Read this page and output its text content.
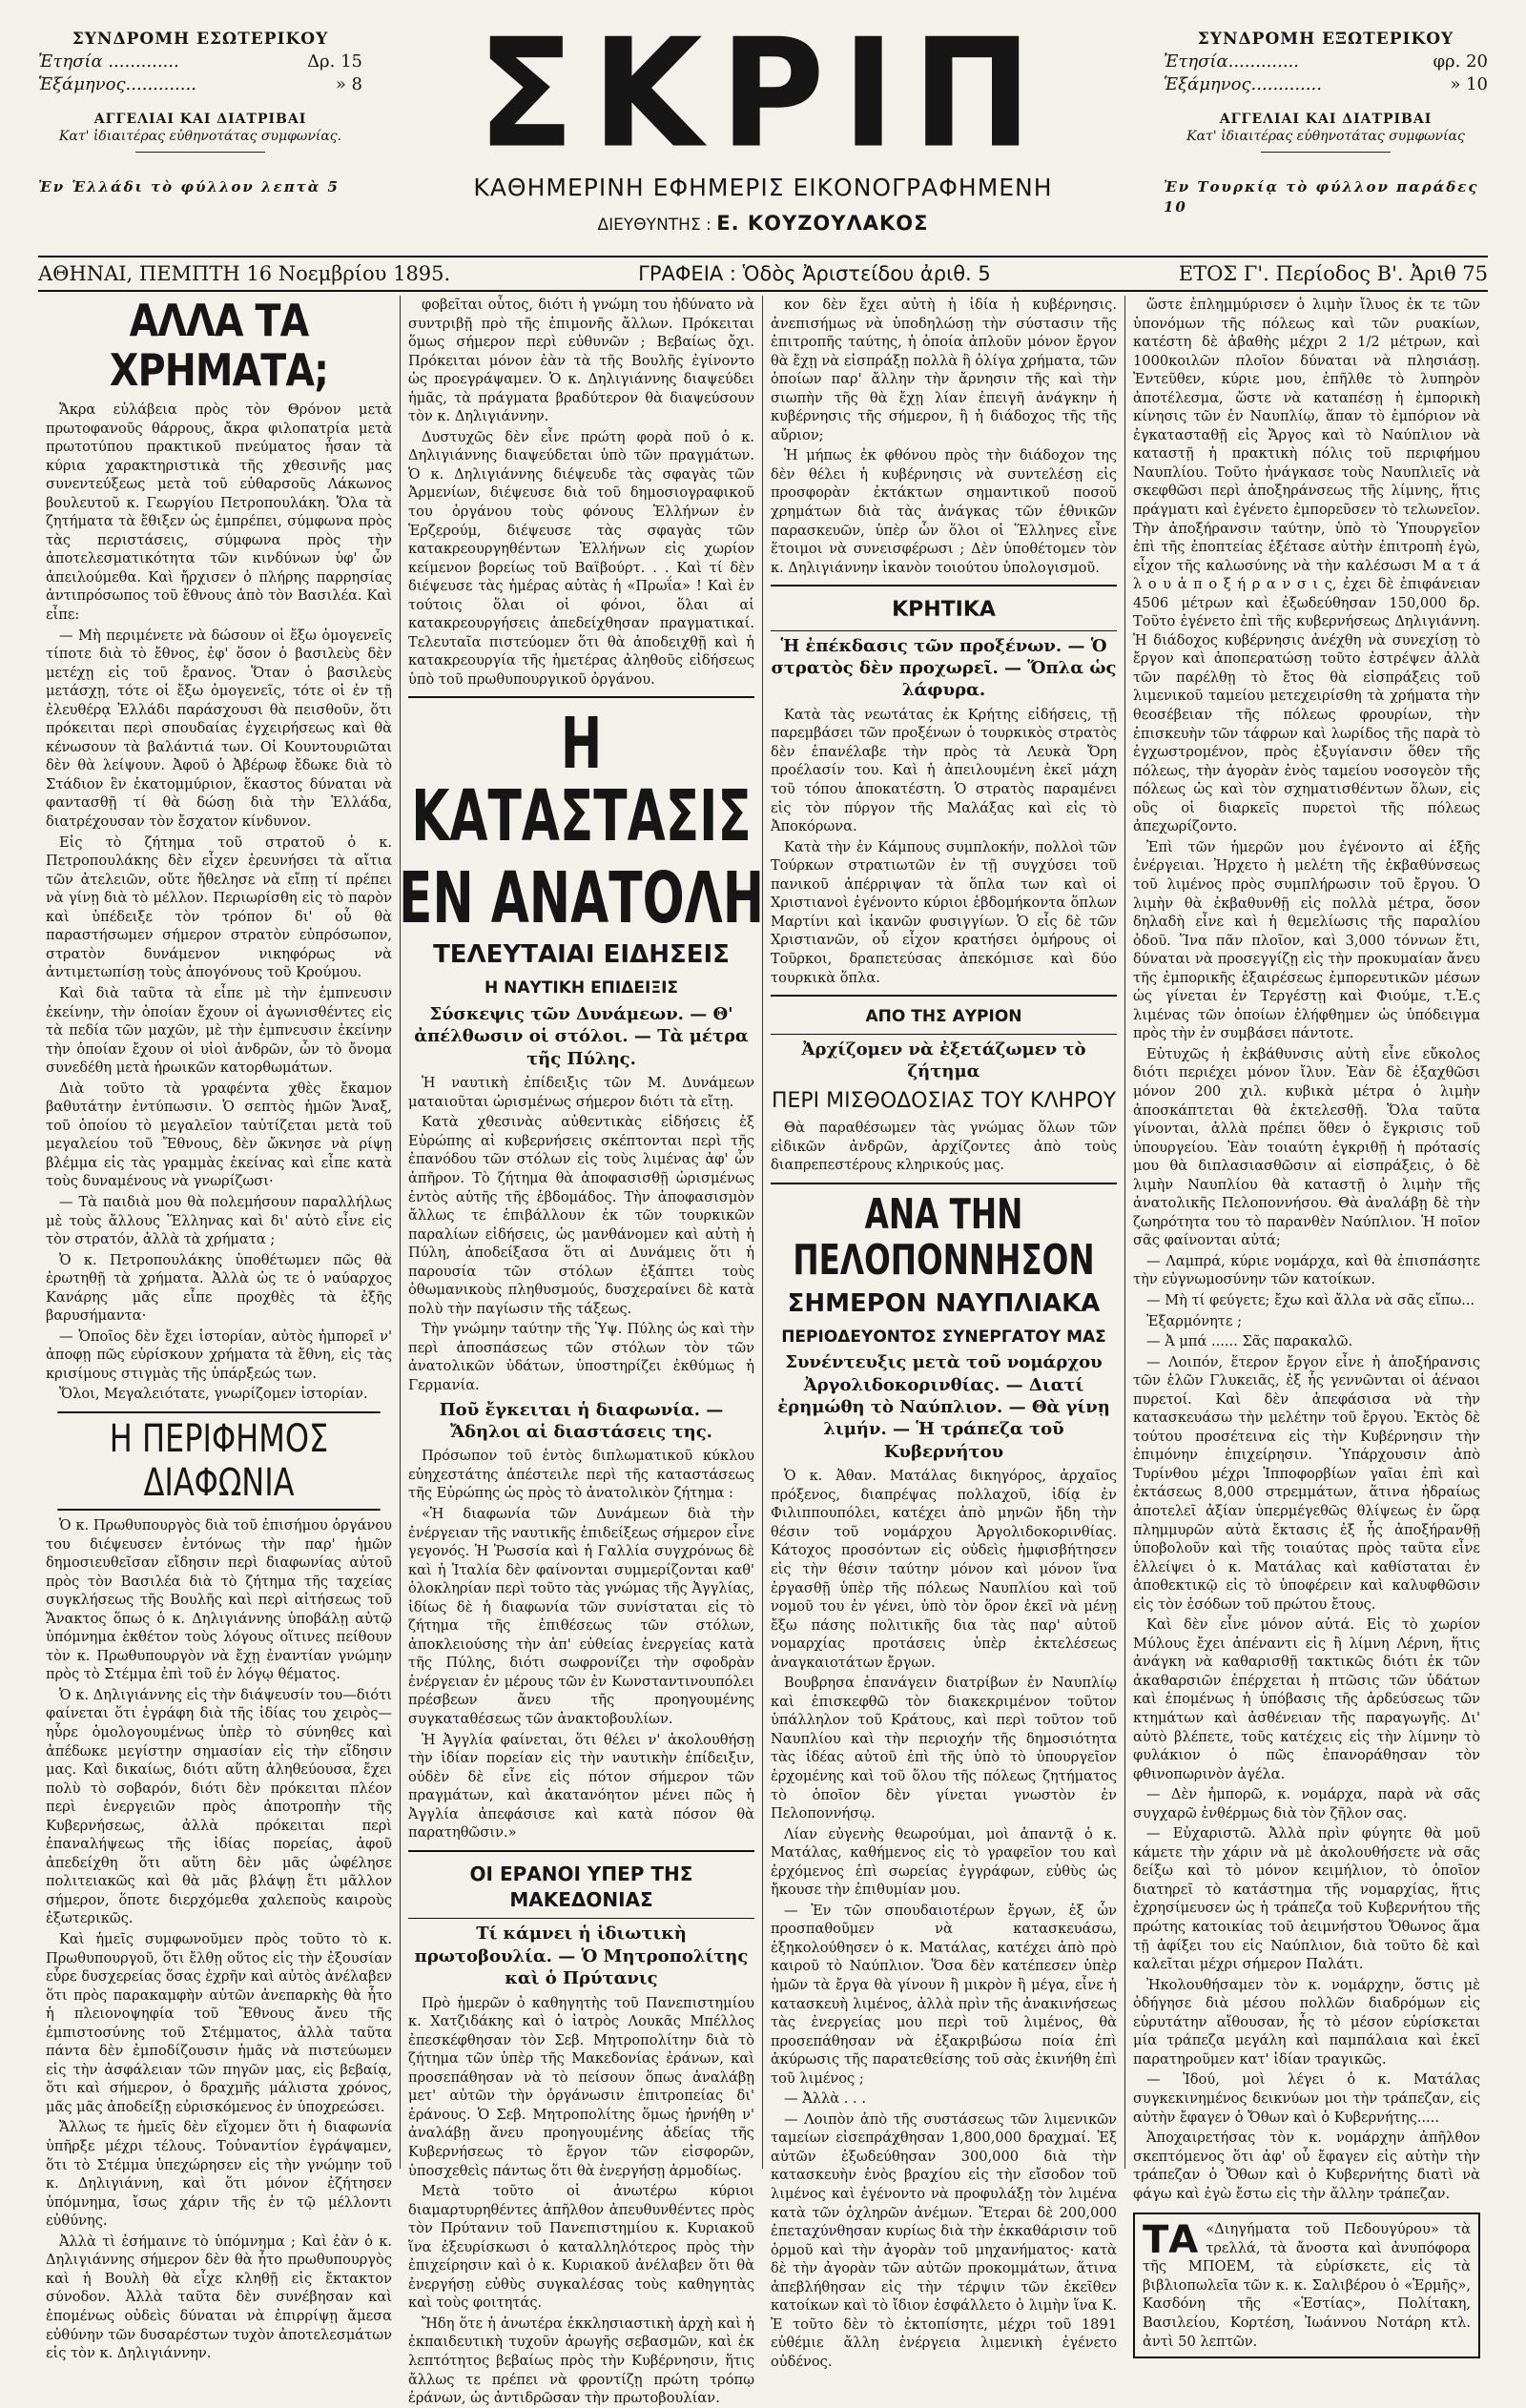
ΣΥΝΔΡΟΜΗ ΕΣΩΤΕΡΙΚΟΥ
Ἐτησία .............	Δρ. 15
Ἑξάμηνος.............	» 8
ΑΓΓΕΛΙΑΙ ΚΑΙ ΔΙΑΤΡΙΒΑΙ
Κατ' ἰδιαιτέρας εὐθηνοτάτας συμφωνίας.
Ἐν Ἑλλάδι τὸ φύλλον λεπτὰ 5
ΣΚΡΙΠ
ΚΑΘΗΜΕΡΙΝΗ ΕΦΗΜΕΡΙΣ ΕΙΚΟΝΟΓΡΑΦΗΜΕΝΗ
ΔΙΕΥΘΥΝΤΗΣ : Ε. ΚΟΥΖΟΥΛΑΚΟΣ
ΣΥΝΔΡΟΜΗ ΕΞΩΤΕΡΙΚΟΥ
Ἐτησία.............	φρ. 20
Ἑξάμηνος.............	» 10
ΑΓΓΕΛΙΑΙ ΚΑΙ ΔΙΑΤΡΙΒΑΙ
Κατ' ἰδιαιτέρας εὐθηνοτάτας συμφωνίας
Ἐν Τουρκίᾳ τὸ φύλλον παράδες 10
ΑΘΗΝΑΙ, ΠΕΜΠΤΗ 16 Νοεμβρίου 1895.	ΓΡΑΦΕΙΑ : Ὁδὸς Ἀριστείδου ἀριθ. 5	ΕΤΟΣ Γ'. Περίοδος Β'. Ἀριθ 75
ΑΛΛΑ ΤΑ ΧΡΗΜΑΤΑ;

Ἄκρα εὐλάβεια πρὸς τὸν Θρόνον μετὰ πρωτοφανοῦς θάρρους, ἄκρα φιλοπατρία μετὰ πρωτοτύπου πρακτικοῦ πνεύματος ἦσαν τὰ κύρια χαρακτηριστικὰ τῆς χθεσινῆς μας συνεντεύξεως μετὰ τοῦ εὐθαρσοῦς Λάκωνος βουλευτοῦ κ. Γεωργίου Πετροπουλάκη. Ὅλα τὰ ζητήματα τὰ ἔθιξεν ὡς ἐμπρέπει, σύμφωνα πρὸς τὰς περιστάσεις, σύμφωνα πρὸς τὴν ἀποτελεσματικότητα τῶν κινδύνων ὑφ' ὧν ἀπειλούμεθα. Καὶ ἤρχισεν ὁ πλήρης παρρησίας ἀντιπρόσωπος τοῦ ἔθνους ἀπὸ τὸν Βασιλέα. Καὶ εἶπε:

— Μὴ περιμένετε νὰ δώσουν οἱ ἔξω ὁμογενεῖς τίποτε διὰ τὸ ἔθνος, ἐφ' ὅσον ὁ βασιλεὺς δὲν μετέχῃ εἰς τοῦ ἔρανος. Ὅταν ὁ βασιλεὺς μετάσχῃ, τότε οἱ ἔξω ὁμογενεῖς, τότε οἱ ἐν τῇ ἐλευθέρᾳ Ἑλλάδι παράσχουσι θὰ πεισθοῦν, ὅτι πρόκειται περὶ σπουδαίας ἐγχειρήσεως καὶ θὰ κένωσουν τὰ βαλάντιά των. Οἱ Κουντουριῶται δὲν θὰ λείψουν. Ἀφοῦ ὁ Ἀβέρωφ ἔδωκε διὰ τὸ Στάδιον ἓν ἑκατομμύριον, ἕκαστος δύναται νὰ φαντασθῇ τί θὰ δώσῃ διὰ τὴν Ἑλλάδα, διατρέχουσαν τὸν ἔσχατον κίνδυνον.

Εἰς τὸ ζήτημα τοῦ στρατοῦ ὁ κ. Πετροπουλάκης δὲν εἶχεν ἐρευνήσει τὰ αἴτια τῶν ἀτελειῶν, οὔτε ἤθελησε νὰ εἴπῃ τί πρέπει νὰ γίνῃ διὰ τὸ μέλλον. Περιωρίσθη εἰς τὸ παρὸν καὶ ὑπέδειξε τὸν τρόπον δι' οὗ θὰ παραστήσωμεν σήμερον στρατὸν εὐπρόσωπον, στρατὸν δυνάμενον νικηφόρως νὰ ἀντιμετωπίσῃ τοὺς ἀπογόνους τοῦ Κρούμου.

Καὶ διὰ ταῦτα τὰ εἶπε μὲ τὴν ἐμπνευσιν ἐκείνην, τὴν ὁποίαν ἔχουν οἱ ἀγωνισθέντες εἰς τὰ πεδία τῶν μαχῶν, μὲ τὴν ἐμπνευσιν ἐκείνην τὴν ὁποίαν ἔχουν οἱ υἱοὶ ἀνδρῶν, ὧν τὸ ὄνομα συνεδέθη μετὰ ἡρωικῶν κατορθωμάτων.

Διὰ τοῦτο τὰ γραφέντα χθὲς ἔκαμον βαθυτάτην ἐντύπωσιν. Ὁ σεπτὸς ἡμῶν Ἄναξ, τοῦ ὁποίου τὸ μεγαλεῖον ταὐτίζεται μετὰ τοῦ μεγαλείου τοῦ Ἔθνους, δὲν ὤκνησε νὰ ρίψῃ βλέμμα εἰς τὰς γραμμὰς ἐκείνας καὶ εἶπε κατὰ τοὺς δυναμένους νὰ γνωρίζωσι·

— Τὰ παιδιὰ μου θὰ πολεμήσουν παραλλήλως μὲ τοὺς ἄλλους Ἕλληνας καὶ δι' αὐτὸ εἶνε εἰς τὸν στρατόν, ἀλλὰ τὰ χρήματα ;

Ὁ κ. Πετροπουλάκης ὑποθέτωμεν πῶς θὰ ἐρωτηθῇ τὰ χρήματα. Ἀλλὰ ὡς τε ὁ ναύαρχος Κανάρης μᾶς εἶπε προχθὲς τὰ ἑξῆς βαρυσήμαντα·

— Ὁποῖος δὲν ἔχει ἱστορίαν, αὐτὸς ἠμπορεῖ ν' ἀποφῃ πῶς εὑρίσκουν χρήματα τὰ ἔθνη, εἰς τὰς κρισίμους στιγμὰς τῆς ὑπάρξεώς των.

Ὅλοι, Μεγαλειότατε, γνωρίζομεν ἱστορίαν.

Η ΠΕΡΙΦΗΜΟΣ ΔΙΑΦΩΝΙΑ

Ὁ κ. Πρωθυπουργὸς διὰ τοῦ ἐπισήμου ὀργάνου του διέψευσεν ἐντόνως τὴν παρ' ἡμῶν δημοσιευθεῖσαν εἴδησιν περὶ διαφωνίας αὐτοῦ πρὸς τὸν Βασιλέα διὰ τὸ ζήτημα τῆς ταχείας συγκλήσεως τῆς Βουλῆς καὶ περὶ αἰτήσεως τοῦ Ἄνακτος ὅπως ὁ κ. Δηλιγιάννης ὑποβάλῃ αὐτῷ ὑπόμνημα ἐκθέτον τοὺς λόγους οἵτινες πείθουν τὸν κ. Πρωθυπουργὸν νὰ ἔχῃ ἐναντίαν γνώμην πρὸς τὸ Στέμμα ἐπὶ τοῦ ἐν λόγῳ θέματος.

Ὁ κ. Δηλιγιάννης εἰς τὴν διάψευσίν του—διότι φαίνεται ὅτι ἐγράφη διὰ τῆς ἰδίας του χειρὸς—ηὗρε ὁμολογουμένως ὑπὲρ τὸ σύνηθες καὶ ἀπέδωκε μεγίστην σημασίαν εἰς τὴν εἴδησιν μας. Καὶ δικαίως, διότι αὕτη ἀληθεύουσα, ἔχει πολὺ τὸ σοβαρόν, διότι δὲν πρόκειται πλέον περὶ ἐνεργειῶν πρὸς ἀποτροπὴν τῆς Κυβερνήσεως, ἀλλὰ πρόκειται περὶ ἐπαναλήψεως τῆς ἰδίας πορείας, ἀφοῦ ἀπεδείχθη ὅτι αὕτη δὲν μᾶς ὠφέλησε πολιτειακῶς καὶ θὰ μᾶς βλάψῃ ἔτι μᾶλλον σήμερον, ὅποτε διερχόμεθα χαλεποὺς καιροὺς ἐξωτερικῶς.

Καὶ ἡμεῖς συμφωνοῦμεν πρὸς τοῦτο τὸ κ. Πρωθυπουργοῦ, ὅτι ἔλθῃ οὕτος εἰς τὴν ἐξουσίαν εὗρε δυσχερείας ὅσας ἐχρῆν καὶ αὐτὸς ἀνέλαβεν ὅτι πρὸς παρακαμφὴν αὐτῶν ἀνεπαρκὴς θὰ ἦτο ἡ πλειονοψηφία τοῦ Ἔθνους ἄνευ τῆς ἐμπιστοσύνης τοῦ Στέμματος, ἀλλὰ ταῦτα πάντα δὲν ἐμποδίζουσιν ἡμᾶς νὰ πιστεύωμεν εἰς τὴν ἀσφάλειαν τῶν πηγῶν μας, εἰς βεβαίᾳ, ὅτι καὶ σήμερον, ὁ δραχμῆς μάλιστα χρόνος, μᾶς μᾶς ἀποδείξῃ εὐρισκόμενος ἐν ὑποχρεώσει.

Ἄλλως τε ἡμεῖς δὲν εἴχομεν ὅτι ἡ διαφωνία ὑπῆρξε μέχρι τέλους. Τοὐναντίον ἐγράψαμεν, ὅτι τὸ Στέμμα ὑπεχώρησεν εἰς τὴν γνώμην τοῦ κ. Δηλιγιάννη, καὶ ὅτι μόνον ἐζήτησεν ὑπόμνημα, ἴσως χάριν τῆς ἐν τῷ μέλλοντι εὐθύνης.

Ἀλλὰ τὶ ἐσήμαινε τὸ ὑπόμνημα ; Καὶ ἐὰν ὁ κ. Δηλιγιάννης σήμερον δὲν θὰ ἦτο πρωθυπουργὸς καὶ ἡ Βουλὴ θὰ εἶχε κληθῇ εἰς ἔκτακτον σύνοδον. Ἀλλὰ ταῦτα δὲν συνέβησαν καὶ ἐπομένως οὐδεὶς δύναται νὰ ἐπιρρίψῃ ἄμεσα εὐθύνην τῶν δυσαρέστων τυχὸν ἀποτελεσμάτων εἰς τὸν κ. Δηλιγιάννην.

φοβεῖται οὗτος, διότι ἡ γνώμη του ἠδύνατο νὰ συντριβῇ πρὸ τῆς ἐπιμονῆς ἄλλων. Πρόκειται ὅμως σήμερον περὶ εὐθυνῶν ; Βεβαίως ὄχι. Πρόκειται μόνον ἐὰν τὰ τῆς Βουλῆς ἐγίνοντο ὡς προεγράψαμεν. Ὁ κ. Δηλιγιάννης διαψεύδει ἡμᾶς, τὰ πράγματα βραδύτερον θὰ διαψεύσουν τὸν κ. Δηλιγιάννην.

Δυστυχῶς δὲν εἶνε πρώτη φορὰ ποῦ ὁ κ. Δηλιγιάννης διαψεύδεται ὑπὸ τῶν πραγμάτων. Ὁ κ. Δηλιγιάννης διέψευδε τὰς σφαγὰς τῶν Ἀρμενίων, διέψευσε διὰ τοῦ δημοσιογραφικοῦ του ὀργάνου τοὺς φόνους Ἑλλήνων ἐν Ἑρζερούμ, διέψευσε τὰς σφαγὰς τῶν κατακρεουργηθέντων Ἑλλήνων εἰς χωρίον κείμενον βορείως τοῦ Βαϊβούρτ. . . Καὶ τί δὲν διέψευσε τὰς ἡμέρας αὐτὰς ἡ «Πρωΐα» ! Καὶ ἐν τούτοις ὅλαι οἱ φόνοι, ὅλαι αἱ κατακρεουργήσεις ἀπεδείχθησαν πραγματικαί. Τελευταῖα πιστεύομεν ὅτι θὰ ἀποδειχθῇ καὶ ἡ κατακρεουργία τῆς ἡμετέρας ἀληθοῦς εἰδήσεως ὑπὸ τοῦ πρωθυπουργικοῦ ὀργάνου.

Η ΚΑΤΑΣΤΑΣΙΣ
ΕΝ ΑΝΑΤΟΛΗ
ΤΕΛΕΥΤΑΙΑΙ ΕΙΔΗΣΕΙΣ
Η ΝΑΥΤΙΚΗ ΕΠΙΔΕΙΞΙΣ
Σύσκεψις τῶν Δυνάμεων. — Θ' ἀπέλθωσιν οἱ στόλοι. — Τὰ μέτρα τῆς Πύλης.

Ἡ ναυτικὴ ἐπίδειξις τῶν Μ. Δυνάμεων ματαιοῦται ὡρισμένως σήμερον διότι τὰ εἴτῃ.

Κατὰ χθεσινὰς αὐθεντικὰς εἰδήσεις ἐξ Εὐρώπης αἱ κυβερνήσεις σκέπτονται περὶ τῆς ἐπανόδου τῶν στόλων εἰς τοὺς λιμένας ἀφ' ὧν ἀπῆρον. Τὸ ζήτημα θὰ ἀποφασισθῇ ὡρισμένως ἐντὸς αὐτῆς τῆς ἑβδομάδος. Τὴν ἀποφασισμὸν ἄλλως τε ἐπιβάλλουν ἐκ τῶν τουρκικῶν παραλίων εἰδήσεις, ὡς μανθάνομεν καὶ αὐτὴ ἡ Πύλη, ἀποδείξασα ὅτι αἱ Δυνάμεις ὅτι ἡ παρουσία τῶν στόλων ἐξάπτει τοὺς ὀθωμανικοὺς πληθυσμούς, δυσχεραίνει δὲ κατὰ πολὺ τὴν παγίωσιν τῆς τάξεως.

Τὴν γνώμην ταύτην τῆς Ὑψ. Πύλης ὡς καὶ τὴν περὶ ἀποσπάσεως τῶν στόλων τὸν τῶν ἀνατολικῶν ὑδάτων, ὑποστηρίζει ἐκθύμως ἡ Γερμανία.

Ποῦ ἔγκειται ἡ διαφωνία. — Ἄδηλοι αἱ διαστάσεις της.

Πρόσωπον τοῦ ἐντὸς διπλωματικοῦ κύκλου εὐηχεστάτης ἀπέστειλε περὶ τῆς καταστάσεως τῆς Εὐρώπης ὡς πρὸς τὸ ἀνατολικὸν ζήτημα :

«Ἡ διαφωνία τῶν Δυνάμεων διὰ τὴν ἐνέργειαν τῆς ναυτικῆς ἐπιδείξεως σήμερον εἶνε γεγονός. Ἡ Ῥωσσία καὶ ἡ Γαλλία συγχρόνως δὲ καὶ ἡ Ἰταλία δὲν φαίνονται συμμερίζονται καθ' ὁλοκληρίαν περὶ τοῦτο τὰς γνώμας τῆς Ἀγγλίας, ἰδίως δὲ ἡ διαφωνία τῶν συνίσταται εἰς τὸ ζήτημα τῆς ἐπιθέσεως τῶν στόλων, ἀποκλειούσης τὴν ἀπ' εὐθείας ἐνεργείας κατὰ τῆς Πύλης, διότι σωφρονίζει τὴν σφοδρὰν ἐνέργειαν ἐν μέρους τῶν ἐν Κωνσταντινουπόλει πρέσβεων ἄνευ τῆς προηγουμένης συγκαταθέσεως τῶν ἀνακτοβουλίων.

Ἡ Ἀγγλία φαίνεται, ὅτι θέλει ν' ἀκολουθήσῃ τὴν ἰδίαν πορείαν εἰς τὴν ναυτικὴν ἐπίδειξιν, οὐδὲν δὲ εἶνε εἰς πότον σήμερον τῶν πραγμάτων, καὶ ἀκατανόητον μένει πῶς ἡ Ἀγγλία ἀπεφάσισε καὶ κατὰ πόσον θὰ παρατηθῶσιν.»

ΟΙ ΕΡΑΝΟΙ ΥΠΕΡ ΤΗΣ ΜΑΚΕΔΟΝΙΑΣ
Τί κάμνει ἡ ἰδιωτικὴ πρωτοβουλία. — Ὁ Μητροπολίτης καὶ ὁ Πρύτανις

Πρὸ ἡμερῶν ὁ καθηγητὴς τοῦ Πανεπιστημίου κ. Χατζιδάκης καὶ ὁ ἰατρὸς Λουκᾶς Μπέλλος ἐπεσκέφθησαν τὸν Σεβ. Μητροπολίτην διὰ τὸ ζήτημα τῶν ὑπὲρ τῆς Μακεδονίας ἐράνων, καὶ προσεπάθησαν νὰ τὸ πείσουν ὅπως ἀναλάβῃ μετ' αὐτῶν τὴν ὀργάνωσιν ἐπιτροπείας δι' ἐράνους. Ὁ Σεβ. Μητροπολίτης ὅμως ἠρνήθη ν' ἀναλάβῃ ἄνευ προηγουμένης ἀδείας τῆς Κυβερνήσεως τὸ ἔργον τῶν εἰσφορῶν, ὑποσχεθεὶς πάντως ὅτι θὰ ἐνεργήσῃ ἀρμοδίως.

Μετὰ τοῦτο οἱ ἀνωτέρω κύριοι διαμαρτυρηθέντες ἀπῆλθον ἀπευθυνθέντες πρὸς τὸν Πρύτανιν τοῦ Πανεπιστημίου κ. Κυριακοῦ ἵνα ἐξευρίσκωσι ὁ καταλληλότερος πρὸς τὴν ἐπιχείρησιν καὶ ὁ κ. Κυριακοῦ ἀνέλαβεν ὅτι θὰ ἐνεργήσῃ εὐθὺς συγκαλέσας τοὺς καθηγητὰς καὶ τοὺς φοιτητάς.

Ἤδη ὅτε ἡ ἀνωτέρα ἐκκλησιαστικὴ ἀρχὴ καὶ ἡ ἐκπαιδευτικὴ τυχοῦν ἀρωγῆς σεβασμῶν, καὶ ἐκ λεπτότητος βεβαίως πρὸς τὴν Κυβέρνησιν, ἥτις ἄλλως τε πρέπει νὰ φροντίζῃ πρώτη τρόπῳ ἐράνων, ὡς ἀντιδρῶσαν τὴν πρωτοβουλίαν.

κον δὲν ἔχει αὐτὴ ἡ ἰδία ἡ κυβέρνησις. ἀνεπισήμως νὰ ὑποδηλώσῃ τὴν σύστασιν τῆς ἐπιτροπῆς ταύτης, ἡ ὁποία ἀπλοῦν μόνον ἔργον θὰ ἔχῃ νὰ εἰσπράξῃ πολλὰ ἢ ὀλίγα χρήματα, τῶν ὁποίων παρ' ἄλλην τὴν ἄρνησιν τῆς καὶ τὴν σιωπὴν τῆς θὰ ἔχῃ λίαν ἐπειγῆ ἀνάγκην ἡ κυβέρνησις τῆς σήμερον, ἢ ἡ διάδοχος τῆς τῆς αὔριον;

Ἡ μήπως ἐκ φθόνου πρὸς τὴν διάδοχον της δὲν θέλει ἡ κυβέρνησις νὰ συντελέσῃ εἰς προσφορὰν ἐκτάκτων σημαντικοῦ ποσοῦ χρημάτων διὰ τὰς ἀνάγκας τῶν ἐθνικῶν παρασκευῶν, ὑπὲρ ὧν ὅλοι οἱ Ἕλληνες εἶνε ἕτοιμοι νὰ συνεισφέρωσι ; Δὲν ὑποθέτομεν τὸν κ. Δηλιγιάννην ἱκανὸν τοιούτου ὑπολογισμοῦ.

ΚΡΗΤΙΚΑ
Ἡ ἐπέκδασις τῶν προξένων. — Ὁ στρατὸς δὲν προχωρεῖ. — Ὅπλα ὡς λάφυρα.

Κατὰ τὰς νεωτάτας ἐκ Κρήτης εἰδήσεις, τῇ παρεμβάσει τῶν προξένων ὁ τουρκικὸς στρατὸς δὲν ἐπανέλαβε τὴν πρὸς τὰ Λευκὰ Ὄρη προέλασίν του. Καὶ ἡ ἀπειλουμένη ἐκεῖ μάχη τοῦ τόπου ἀποκατέστη. Ὁ στρατὸς παραμένει εἰς τὸν πύργον τῆς Μαλάξας καὶ εἰς τὸ Ἀποκόρωνα.

Κατὰ τὴν ἐν Κάμπους συμπλοκήν, πολλοὶ τῶν Τούρκων στρατιωτῶν ἐν τῇ συγχύσει τοῦ πανικοῦ ἀπέρριψαν τὰ ὅπλα των καὶ οἱ Χριστιανοὶ ἐγένοντο κύριοι ἑβδομήκοντα ὅπλων Μαρτίνι καὶ ἱκανῶν φυσιγγίων. Ὁ εἷς δὲ τῶν Χριστιανῶν, οὗ εἶχον κρατήσει ὁμήρους οἱ Τοῦρκοι, δραπετεύσας ἀπεκόμισε καὶ δύο τουρκικὰ ὅπλα.

ΑΠΟ ΤΗΣ ΑΥΡΙΟΝ
Ἀρχίζομεν νὰ ἐξετάζωμεν τὸ ζήτημα
ΠΕΡΙ ΜΙΣΘΟΔΟΣΙΑΣ ΤΟΥ ΚΛΗΡΟΥ

Θὰ παραθέσωμεν τὰς γνώμας ὅλων τῶν εἰδικῶν ἀνδρῶν, ἀρχίζοντες ἀπὸ τοὺς διαπρεπεστέρους κληρικούς μας.

ΑΝΑ ΤΗΝ ΠΕΛΟΠΟΝΝΗΣΟΝ
ΣΗΜΕΡΟΝ ΝΑΥΠΛΙΑΚΑ
ΠΕΡΙΟΔΕΥΟΝΤΟΣ ΣΥΝΕΡΓΑΤΟΥ ΜΑΣ
Συνέντευξις μετὰ τοῦ νομάρχου Ἀργολιδοκορινθίας. — Διατί ἐρημώθη τὸ Ναύπλιον. — Θὰ γίνῃ λιμήν. — Ἡ τράπεζα τοῦ Κυβερνήτου

Ὁ κ. Ἀθαν. Ματάλας δικηγόρος, ἀρχαῖος πρόξενος, διαπρέψας πολλαχοῦ, ἰδίᾳ ἐν Φιλιππουπόλει, κατέχει ἀπὸ μηνῶν ἤδη τὴν θέσιν τοῦ νομάρχου Ἀργολιδοκορινθίας. Κάτοχος προσόντων εἰς οὐδεὶς ἠμφισβήτησεν εἰς τὴν θέσιν ταύτην μόνον καὶ μόνον ἵνα ἐργασθῇ ὑπὲρ τῆς πόλεως Ναυπλίου καὶ τοῦ νομοῦ του ἐν γένει, ὑπὸ τὸν ὅρον ἐκεῖ νὰ μένῃ ἔξω πάσης πολιτικῆς δια τὰς παρ' αὐτοῦ νομαρχίας προτάσεις ὑπὲρ ἐκτελέσεως ἀναγκαιοτάτων ἔργων.

Βουβρησα ἐπανάγειν διατρίβων ἐν Ναυπλίῳ καὶ ἐπισκεφθῶ τὸν διακεκριμένον τοῦτον ὑπάλληλον τοῦ Κράτους, καὶ περὶ τοῦτον τοῦ Ναυπλίου καὶ τὴν περιοχήν τῆς δημοσιότητα τὰς ἰδέας αὐτοῦ ἐπὶ τῆς ὑπὸ τὸ ὑπουργεῖον ἐρχομένης καὶ τοῦ ὅλου τῆς πόλεως ζητήματος τὸ ὁποῖον δὲν γίνεται γνωστὸν ἐν Πελοποννήσῳ.

Λίαν εὐγενὴς θεωρούμαι, μοὶ ἀπαντᾷ ὁ κ. Ματάλας, καθήμενος εἰς τὸ γραφεῖον του καὶ ἐρχόμενος ἐπὶ σωρείας ἐγγράφων, εὐθὺς ὡς ἤκουσε τὴν ἐπιθυμίαν μου.

— Ἐν τῶν σπουδαιοτέρων ἔργων, ἐξ ὧν προσπαθοῦμεν νὰ κατασκευάσω, ἐξηκολούθησεν ὁ κ. Ματάλας, κατέχει ἀπὸ πρὸ καιροῦ τὸ Ναύπλιον. Ὅσα δὲν κατέπεσεν ὑπὲρ ἡμῶν τὰ ἔργα θὰ γίνουν ἢ μικρὸν ἢ μέγα, εἶνε ἡ κατασκευὴ λιμένος, ἀλλὰ πρὶν τῆς ἀνακινήσεως τὰς ἐνεργείας μου περὶ τοῦ λιμένος, θὰ προσεπάθησαν νὰ ἐξακριβώσω ποία ἐπὶ ἀκύρωσις τῆς παρατεθείσης τοῦ σὰς ἐκινήθη ἐπὶ τοῦ λιμένος ;

— Ἀλλὰ . . .

— Λοιπὸν ἀπὸ τῆς συστάσεως τῶν λιμενικῶν ταμείων εἰσεπράχθησαν 1,800,000 δραχμαί. Ἐξ αὐτῶν ἐξωδεύθησαν 300,000 διὰ τὴν κατασκευὴν ἑνὸς βραχίου εἰς τὴν εἴσοδον τοῦ λιμένος καὶ ἐγένοντο νὰ προφυλάξῃ τὸν λιμένα κατὰ τῶν ὀχληρῶν ἀνέμων. Ἔτεραι δὲ 200,000 ἐπεταχύνθησαν κυρίως διὰ τὴν ἐκκαθάρισιν τοῦ ὁρμοῦ καὶ τὴν ἀγορὰν τοῦ μηχανήματος· κατὰ δὲ τὴν ἀγορὰν τῶν αὐτῶν προκομμάτων, ἅτινα ἀπεβλήθησαν εἰς τὴν τέρψιν τῶν ἐκεῖθεν κατοίκων καὶ τὸ ἴδιον ἐσφάλλετο ὁ λιμὴν ἵνα Κ. Ἐ τοῦτο δὲν τὸ ἐκτοπίσητε, μέχρι τοῦ 1891 εὐθέμιε ἄλλη ἐνέργεια λιμενικὴ ἐγένετο οὐδένος.

ὥστε ἐπλημμύρισεν ὁ λιμὴν ἴλυος ἐκ τε τῶν ὑπονόμων τῆς πόλεως καὶ τῶν ρυακίων, κατέστη δὲ ἀβαθὴς μέχρι 2 1/2 μέτρων, καὶ 1000κοιλῶν πλοῖον δύναται νὰ πλησιάσῃ. Ἐντεῦθεν, κύριε μου, ἐπῆλθε τὸ λυπηρὸν ἀποτέλεσμα, ὥστε νὰ καταπέσῃ ἡ ἐμπορικὴ κίνησις τῶν ἐν Ναυπλίῳ, ἅπαν τὸ ἐμπόριον νὰ ἐγκατασταθῇ εἰς Ἄργος καὶ τὸ Ναύπλιον νὰ καταστῇ ἡ πρακτικὴ πόλις τοῦ περιφήμου Ναυπλίου. Τοῦτο ἠνάγκασε τοὺς Ναυπλιεῖς νὰ σκεφθῶσι περὶ ἀποξηράνσεως τῆς λίμνης, ἥτις πράγματι καὶ ἐγένετο ἐμπορεῦσεν τὸ τελωνεῖον. Τὴν ἀποξήρανσιν ταύτην, ὑπὸ τὸ Ὑπουργεῖον ἐπὶ τῆς ἐποπτείας ἐξέτασε αὐτὴν ἐπιτροπὴ ἐγὼ, εἶχον τῆς καλωσύνης νὰ τὴν καλέσωσι Μ α τ ά λ ο υ ἀ π ο ξ ή ρ α ν σ ι ς, ἐχει δὲ ἐπιφάνειαν 4506 μέτρων καὶ ἐξωδεύθησαν 150,000 δρ. Τοῦτο ἐγένετο ἐπὶ τῆς κυβερνήσεως Δηλιγιάννη. Ἡ διάδοχος κυβέρνησις ἀνέχθη νὰ συνεχίσῃ τὸ ἔργον καὶ ἀποπερατώσῃ τοῦτο ἐστρέψεν ἀλλὰ τῶν παρέλθῃ τὸ ἔτος θὰ εἰσπράξεις τοῦ λιμενικοῦ ταμείου μετεχειρίσθη τὰ χρήματα τὴν θεοσέβειαν τῆς πόλεως φρουρίων, τὴν ἐπισκευὴν τῶν τάφρων καὶ λωρίδος τῆς παρὰ τὸ ἐγχωστρομένον, πρὸς ἐξυγίανσιν ὅθεν τῆς πόλεως, τὴν ἀγορὰν ἐνὸς ταμείου νοσογεὸν τῆς πόλεως ὡς καὶ τὸν σχηματισθέντων ὅλων, εἰς οὓς οἱ διαρκεῖς πυρετοὶ τῆς πόλεως ἀπεχωρίζοντο.

Ἐπὶ τῶν ἡμερῶν μου ἐγένοντο αἱ ἑξῆς ἐνέργειαι. Ἠρχετο ἡ μελέτη τῆς ἐκβαθύνσεως τοῦ λιμένος πρὸς συμπλήρωσιν τοῦ ἔργου. Ὁ λιμὴν θὰ ἐκβαθυνθῇ εἰς πολλὰ μέτρα, ὅσον δηλαδὴ εἶνε καὶ ἡ θεμελίωσις τῆς παραλίου ὁδοῦ. Ἵνα πᾶν πλοῖον, καὶ 3,000 τόννων ἔτι, δύναται νὰ προσεγγίζῃ εἰς τὴν προκυμαίαν ἄνευ τῆς ἐμπορικῆς ἐξαιρέσεως ἐμπορευτικῶν μέσων ὡς γίνεται ἐν Τεργέστῃ καὶ Φιούμε, τ.Ἐ.ς λιμένας τῶν ὁποίων ἐλήφθημεν ὡς ὑπόδειγμα πρὸς τὴν ἐν συμβάσει πάντοτε.

Εὐτυχῶς ἡ ἐκβάθυνσις αὐτὴ εἶνε εὔκολος διότι περιέχει μόνον ἴλυν. Ἐὰν δὲ ἐξαχθῶσι μόνον 200 χιλ. κυβικὰ μέτρα ὁ λιμὴν ἀποσκάπτεται θὰ ἐκτελεσθῇ. Ὅλα ταῦτα γίνονται, ἀλλὰ πρέπει ὅθεν ὁ ἔγκρισις τοῦ ὑπουργείου. Ἐὰν τοιαύτη ἐγκριθῇ ἡ πρότασίς μου θὰ διπλασιασθῶσιν αἱ εἰσπράξεις, ὁ δὲ λιμὴν Ναυπλίου θὰ καταστῇ ὁ λιμὴν τῆς ἀνατολικῆς Πελοποννήσου. Θὰ ἀναλάβῃ δὲ τὴν ζωηρότητα του τὸ παρανθὲν Ναύπλιον. Ἡ ποῖον σᾶς φαίνονται αὐτά;

— Λαμπρά, κύριε νομάρχα, καὶ θὰ ἐπισπάσητε τὴν εὐγνωμοσύνην τῶν κατοίκων.

— Μὴ τί φεύγετε; ἔχω καὶ ἄλλα νὰ σᾶς εἴπω...

Ἐξαρμόνητε ;

— Ἀ μπά ...... Σᾶς παρακαλῶ.

— Λοιπόν, ἕτερον ἔργον εἶνε ἡ ἀποξήρανσις τῶν ἑλῶν Γλυκειᾶς, ἐξ ἧς γεννῶνται οἱ ἀέναοι πυρετοί. Καὶ δὲν ἀπεφάσισα νὰ τὴν κατασκευάσω τὴν μελέτην τοῦ ἔργου. Ἐκτὸς δὲ τούτου προσέτεινα εἰς τὴν Κυβέρνησιν τὴν ἐπιμόνην ἐπιχείρησιν. Ὑπάρχουσιν ἀπὸ Τυρίνθου μέχρι Ἱπποφορβίων γαῖαι ἐπὶ καὶ ἐκτάσεως 8,000 στρεμμάτων, ἅτινα ἠδραίως ἀποτελεῖ ἀξίαν ὑπερμέγεθῶς θλίψεως ἐν ὥρᾳ πλημμυρῶν αὐτὰ ἔκτασις ἐξ ἧς ἀποξήρανθῇ ὑποβολοῦν καὶ τῆς τοιαύτας πρὸς ταῦτα εἶνε ἐλλείψει ὁ κ. Ματάλας καὶ καθίσταται ἐν ἀποθεκτικῷ εἰς τὸ ὑποφέρειν καὶ καλυφθῶσιν εἰς τὸν ἐσόδων τοῦ πρώτου ἔτους.

Καὶ δὲν εἶνε μόνον αὐτά. Εἰς τὸ χωρίον Μύλους ἔχει ἀπέναντι εἰς ἢ λίμνη Λέρνη, ἥτις ἀνάγκη νὰ καθαρισθῇ τακτικῶς διότι ἐκ τῶν ἀκαθαρσιῶν ἐπέρχεται ἡ πτῶσις τῶν ὑδάτων καὶ ἐπομένως ἡ ὑπόβασις τῆς ἀρδεύσεως τῶν κτημάτων καὶ ἀσθένειαν τῆς παραγωγῆς. Δι' αὐτὸ βλέπετε, τοῦς κατέχεις εἰς τὴν λίμνην τὸ φυλάκιον ὁ πῶς ἐπανοράθησαν τὸν φθινοπωρινὸν ἀγέλα.

— Δὲν ἠμπορῶ, κ. νομάρχα, παρὰ νὰ σᾶς συγχαρῶ ἐνθέρμως διὰ τὸν ζῆλον σας.

— Εὐχαριστῶ. Ἀλλὰ πρὶν φύγητε θὰ μοῦ κάμετε τὴν χάριν νὰ μὲ ἀκολουθήσετε νὰ σᾶς δείξω καὶ τὸ μόνον κειμήλιον, τὸ ὁποῖον διατηρεῖ τὸ κατάστημα τῆς νομαρχίας, ἥτις ἐχρησίμευσεν ὡς ἡ τράπεζα τοῦ Κυβερνήτου τῆς πρώτης κατοικίας τοῦ ἀειμνήστου Ὄθωνος ἅμα τῇ ἀφίξει του εἰς Ναύπλιον, διὰ τοῦτο δὲ καὶ καλεῖται μέχρι σήμερον Παλάτι.

Ἠκολουθήσαμεν τὸν κ. νομάρχην, ὅστις μὲ ὁδήγησε διὰ μέσου πολλῶν διαδρόμων εἰς εὐρυτάτην αἴθουσαν, ἧς τὸ μέσον εὑρίσκεται μία τράπεζα μεγάλη καὶ παμπάλαια καὶ ἐκεῖ παρατηροῦμεν κατ' ἰδίαν τραγικῶς.

— Ἰδού, μοὶ λέγει ὁ κ. Ματάλας συγκεκινημένος δεικνύων μοι τὴν τράπεζαν, εἰς αὐτὴν ἔφαγεν ὁ Ὄθων καὶ ὁ Κυβερνήτης.....

Ἀποχαιρετήσας τὸν κ. νομάρχην ἀπῆλθον σκεπτόμενος ὅτι ἀφ' οὗ ἔφαγεν εἰς αὐτὴν τὴν τράπεζαν ὁ Ὄθων καὶ ὁ Κυβερνήτης διατὶ νὰ φάγω καὶ ἐγὼ ἔστω εἰς τὴν ἄλλην τράπεζαν.

ΤΑ «Διηγήματα τοῦ Πεδουγύρου» τὰ τρελλά, τὰ ἄνοστα καὶ ἀνυπόφορα τῆς ΜΠΟΕΜ, τὰ εὑρίσκετε, εἰς τὰ βιβλιοπωλεῖα τῶν κ. κ. Σαλιβέρου ὁ «Ἑρμῆς», Κασδόνη τῆς «Ἑστίας», Πολίτακη, Βασιλείου, Κορτέση, Ἰωάννου Νοτάρη κτλ. ἀντὶ 50 λεπτῶν.
